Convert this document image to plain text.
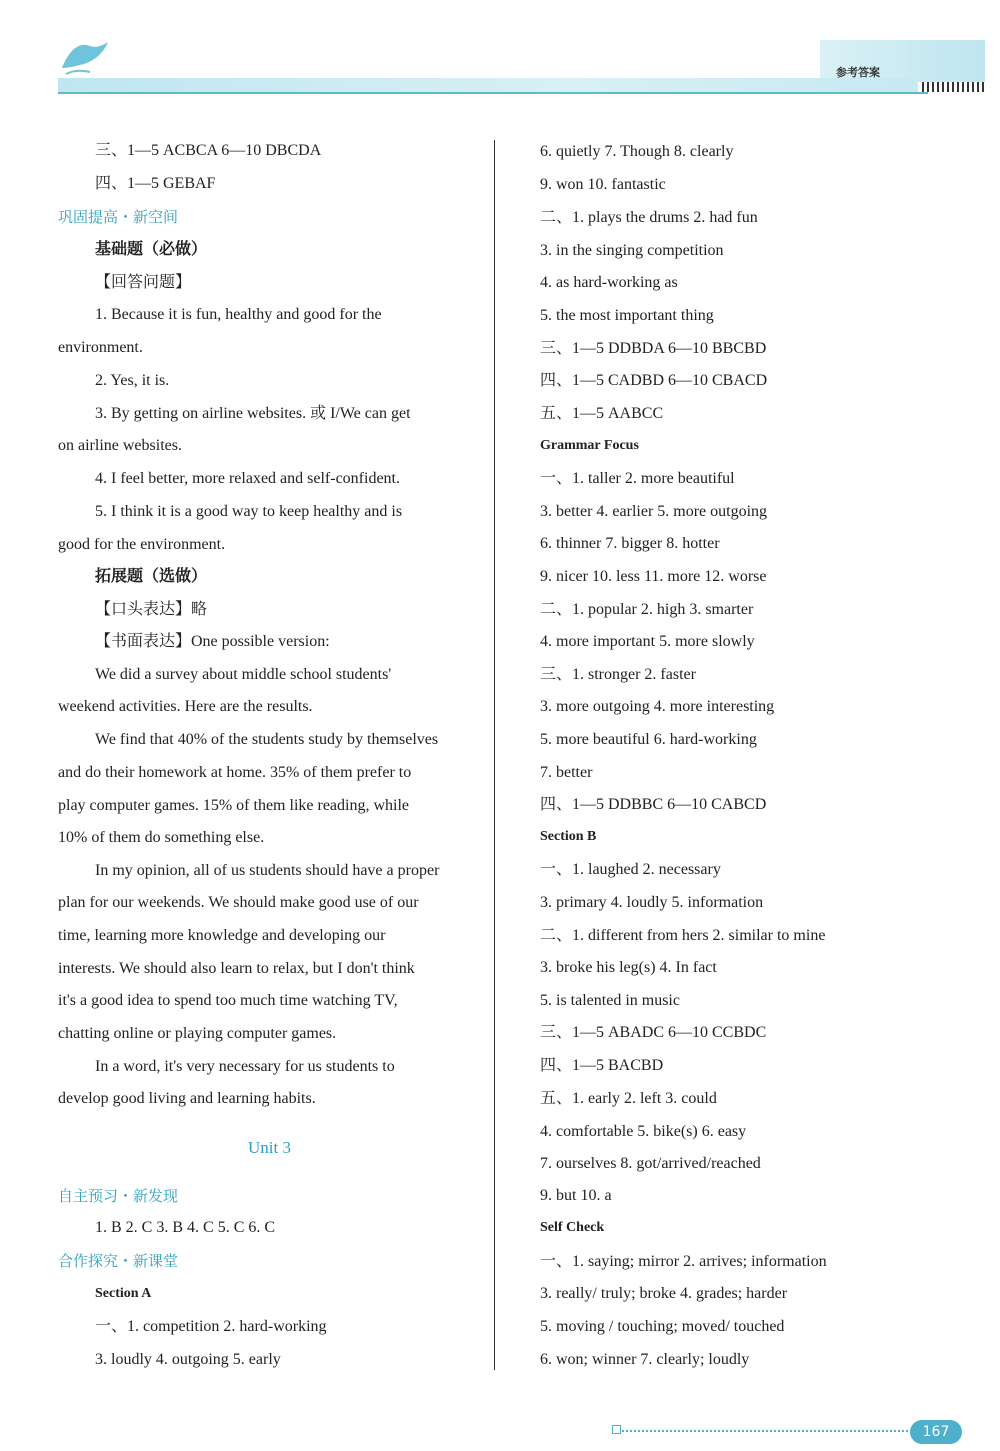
参考答案
167
三、1—5 ACBCA 6—10 DBCDA
四、1—5 GEBAF
巩固提高・新空间
基础题（必做）
【回答问题】
1. Because it is fun, healthy and good for the
environment.
2. Yes, it is.
3. By getting on airline websites. 或 I/We can get
on airline websites.
4. I feel better, more relaxed and self-confident.
5. I think it is a good way to keep healthy and is
good for the environment.
拓展题（选做）
【口头表达】略
【书面表达】One possible version:
We did a survey about middle school students'
weekend activities. Here are the results.
We find that 40% of the students study by themselves
and do their homework at home. 35% of them prefer to
play computer games. 15% of them like reading, while
10% of them do something else.
In my opinion, all of us students should have a proper
plan for our weekends. We should make good use of our
time, learning more knowledge and developing our
interests. We should also learn to relax, but I don't think
it's a good idea to spend too much time watching TV,
chatting online or playing computer games.
In a word, it's very necessary for us students to
develop good living and learning habits.
Unit 3
自主预习・新发现
1. B 2. C 3. B 4. C 5. C 6. C
合作探究・新课堂
Section A
一、1. competition 2. hard-working
3. loudly 4. outgoing 5. early
6. quietly 7. Though 8. clearly
9. won 10. fantastic
二、1. plays the drums 2. had fun
3. in the singing competition
4. as hard-working as
5. the most important thing
三、1—5 DDBDA 6—10 BBCBD
四、1—5 CADBD 6—10 CBACD
五、1—5 AABCC
Grammar Focus
一、1. taller 2. more beautiful
3. better 4. earlier 5. more outgoing
6. thinner 7. bigger 8. hotter
9. nicer 10. less 11. more 12. worse
二、1. popular 2. high 3. smarter
4. more important 5. more slowly
三、1. stronger 2. faster
3. more outgoing 4. more interesting
5. more beautiful 6. hard-working
7. better
四、1—5 DDBBC 6—10 CABCD
Section B
一、1. laughed 2. necessary
3. primary 4. loudly 5. information
二、1. different from hers 2. similar to mine
3. broke his leg(s) 4. In fact
5. is talented in music
三、1—5 ABADC 6—10 CCBDC
四、1—5 BACBD
五、1. early 2. left 3. could
4. comfortable 5. bike(s) 6. easy
7. ourselves 8. got/arrived/reached
9. but 10. a
Self Check
一、1. saying; mirror 2. arrives; information
3. really/ truly; broke 4. grades; harder
5. moving / touching; moved/ touched
6. won; winner 7. clearly; loudly
